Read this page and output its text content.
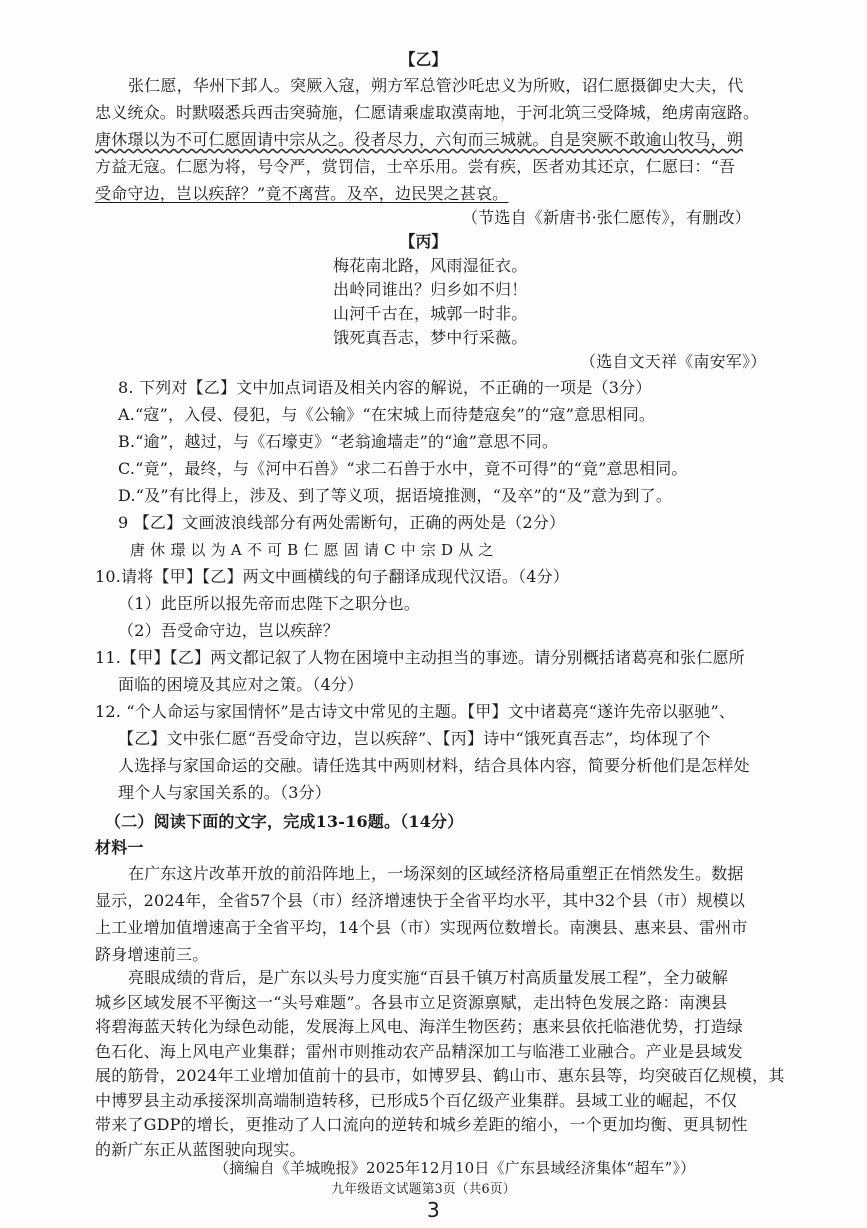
【乙】
张仁愿，华州下邽人。突厥入寇，朔方军总管沙吒忠义为所败，诏仁愿摄御史大夫，代
忠义统众。时默啜悉兵西击突骑施，仁愿请乘虚取漠南地，于河北筑三受降城，绝虏南寇路。
唐休璟以为不可仁愿固请中宗从之。役者尽力，六旬而三城就。自是突厥不敢逾山牧马，朔
方益无寇。仁愿为将，号令严，赏罚信，士卒乐用。尝有疾，医者劝其还京，仁愿曰：“吾
受命守边，岂以疾辞？”竟不离营。及卒，边民哭之甚哀。
（节选自《新唐书·张仁愿传》，有删改）
【丙】
梅花南北路，风雨湿征衣。
出岭同谁出？归乡如不归！
山河千古在，城郭一时非。
饿死真吾志，梦中行采薇。
（选自文天祥《南安军》）
8. 下列对【乙】文中加点词语及相关内容的解说，不正确的一项是（3分）
A.“寇”，入侵、侵犯，与《公输》“在宋城上而待楚寇矣”的“寇”意思相同。
B.“逾”，越过，与《石壕吏》“老翁逾墙走”的“逾”意思不同。
C.“竟”，最终，与《河中石兽》“求二石兽于水中，竟不可得”的“竟”意思相同。
D.“及”有比得上，涉及、到了等义项，据语境推测，“及卒”的“及”意为到了。
9 【乙】文画波浪线部分有两处需断句，正确的两处是（2分）
唐 休 璟 以 为 A 不 可 B 仁 愿 固 请 C 中 宗 D 从 之
10.请将【甲】【乙】两文中画横线的句子翻译成现代汉语。（4分）
（1）此臣所以报先帝而忠陛下之职分也。
（2）吾受命守边，岂以疾辞？
11.【甲】【乙】两文都记叙了人物在困境中主动担当的事迹。请分别概括诸葛亮和张仁愿所
面临的困境及其应对之策。（4分）
12. “个人命运与家国情怀”是古诗文中常见的主题。【甲】文中诸葛亮“遂许先帝以驱驰”、
【乙】文中张仁愿“吾受命守边，岂以疾辞”、【丙】诗中“饿死真吾志”，均体现了个
人选择与家国命运的交融。请任选其中两则材料，结合具体内容，简要分析他们是怎样处
理个人与家国关系的。（3分）
（二）阅读下面的文字，完成13-16题。（14分）
材料一
在广东这片改革开放的前沿阵地上，一场深刻的区域经济格局重塑正在悄然发生。数据
显示，2024年，全省57个县（市）经济增速快于全省平均水平，其中32个县（市）规模以
上工业增加值增速高于全省平均，14个县（市）实现两位数增长。南澳县、惠来县、雷州市
跻身增速前三。
亮眼成绩的背后，是广东以头号力度实施“百县千镇万村高质量发展工程”，全力破解
城乡区域发展不平衡这一“头号难题”。各县市立足资源禀赋，走出特色发展之路：南澳县
将碧海蓝天转化为绿色动能，发展海上风电、海洋生物医药；惠来县依托临港优势，打造绿
色石化、海上风电产业集群；雷州市则推动农产品精深加工与临港工业融合。产业是县域发
展的筋骨，2024年工业增加值前十的县市，如博罗县、鹤山市、惠东县等，均突破百亿规模，其
中博罗县主动承接深圳高端制造转移，已形成5个百亿级产业集群。县域工业的崛起，不仅
带来了GDP的增长，更推动了人口流向的逆转和城乡差距的缩小，一个更加均衡、更具韧性
的新广东正从蓝图驶向现实。
（摘编自《羊城晚报》2025年12月10日《广东县域经济集体“超车”》）
九年级语文试题第3页（共6页）
3
